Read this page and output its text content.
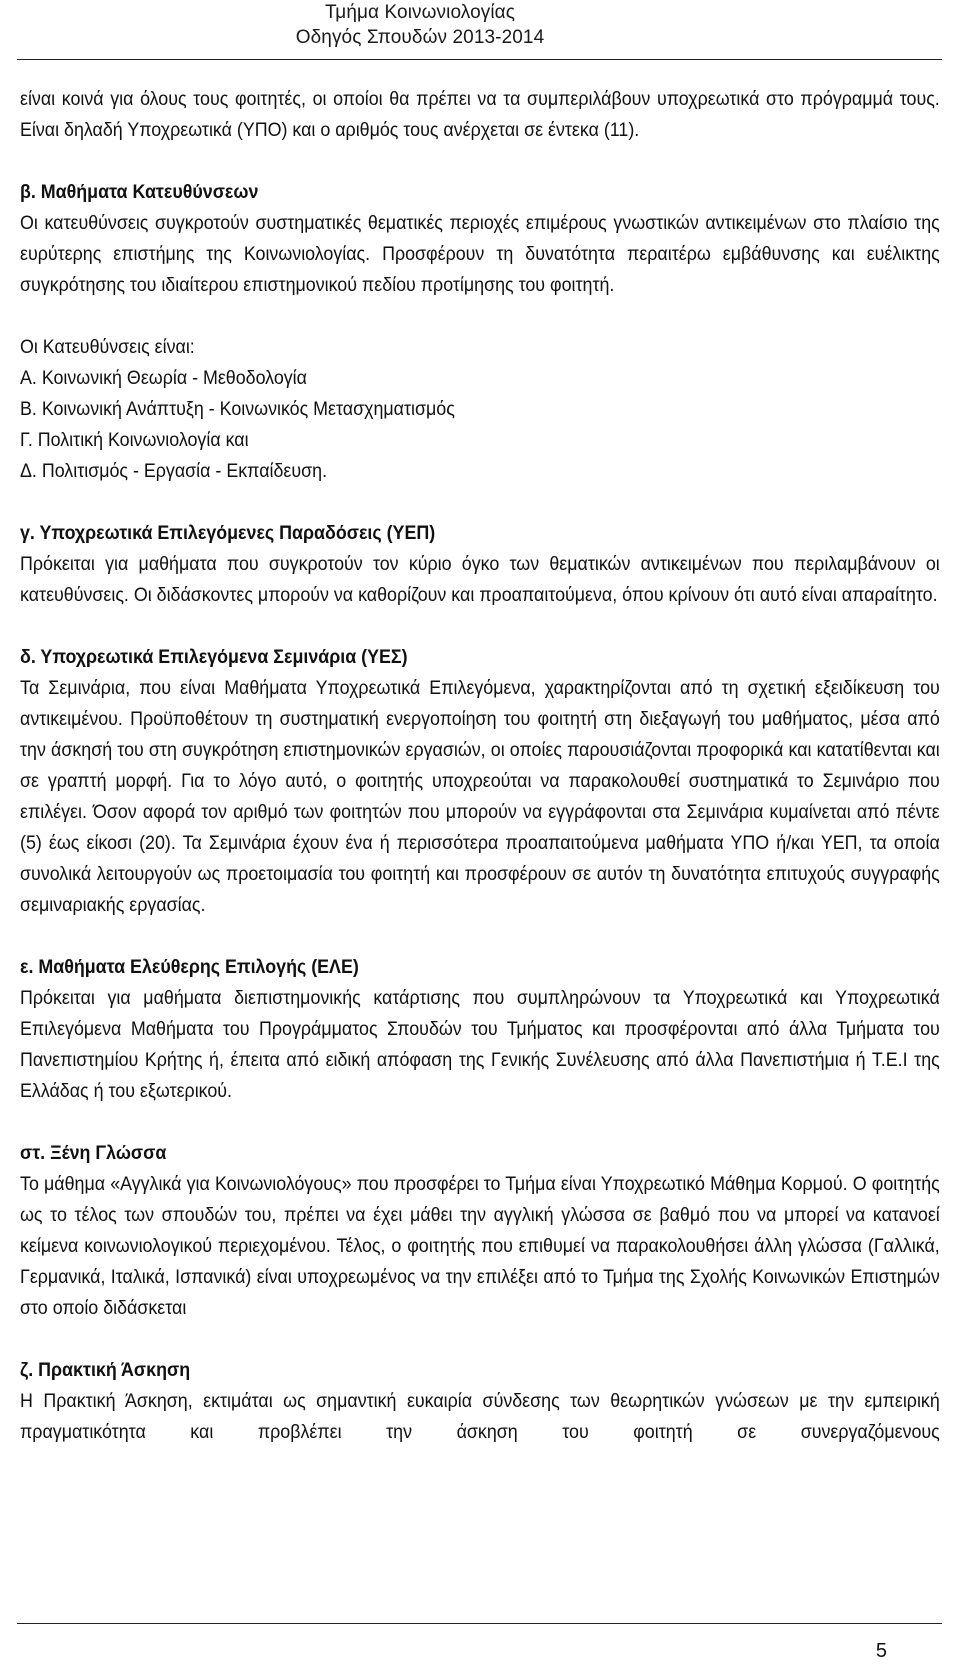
Τμήμα Κοινωνιολογίας
Οδηγός Σπουδών 2013-2014

είναι κοινά για όλους τους φοιτητές, οι οποίοι θα πρέπει να τα συμπεριλάβουν υποχρεωτικά στο πρόγραμμά τους. Είναι δηλαδή Υποχρεωτικά (ΥΠΟ) και ο αριθμός τους ανέρχεται σε έντεκα (11).

β. Μαθήματα Κατευθύνσεων

Οι κατευθύνσεις συγκροτούν συστηματικές θεματικές περιοχές επιμέρους γνωστικών αντικειμένων στο πλαίσιο της ευρύτερης επιστήμης της Κοινωνιολογίας. Προσφέρουν τη δυνατότητα περαιτέρω εμβάθυνσης και ευέλικτης συγκρότησης του ιδιαίτερου επιστημονικού πεδίου προτίμησης του φοιτητή.

Οι Κατευθύνσεις είναι:

Α. Κοινωνική Θεωρία - Μεθοδολογία

Β. Κοινωνική Ανάπτυξη - Κοινωνικός Μετασχηματισμός

Γ. Πολιτική Κοινωνιολογία και

Δ. Πολιτισμός - Εργασία - Εκπαίδευση.

γ. Υποχρεωτικά Επιλεγόμενες Παραδόσεις (ΥΕΠ)

Πρόκειται για μαθήματα που συγκροτούν τον κύριο όγκο των θεματικών αντικειμένων που περιλαμβάνουν οι κατευθύνσεις. Οι διδάσκοντες μπορούν να καθορίζουν και προαπαιτούμενα, όπου κρίνουν ότι αυτό είναι απαραίτητο.

δ. Υποχρεωτικά Επιλεγόμενα Σεμινάρια (ΥΕΣ)

Τα Σεμινάρια, που είναι Μαθήματα Υποχρεωτικά Επιλεγόμενα, χαρακτηρίζονται από τη σχετική εξειδίκευση του αντικειμένου. Προϋποθέτουν τη συστηματική ενεργοποίηση του φοιτητή στη διεξαγωγή του μαθήματος, μέσα από την άσκησή του στη συγκρότηση επιστημονικών εργασιών, οι οποίες παρουσιάζονται προφορικά και κατατίθενται και σε γραπτή μορφή. Για το λόγο αυτό, ο φοιτητής υποχρεούται να παρακολουθεί συστηματικά το Σεμινάριο που επιλέγει. Όσον αφορά τον αριθμό των φοιτητών που μπορούν να εγγράφονται στα Σεμινάρια κυμαίνεται από πέντε (5) έως είκοσι (20). Τα Σεμινάρια έχουν ένα ή περισσότερα προαπαιτούμενα μαθήματα ΥΠΟ ή/και ΥΕΠ, τα οποία συνολικά λειτουργούν ως προετοιμασία του φοιτητή και προσφέρουν σε αυτόν τη δυνατότητα επιτυχούς συγγραφής σεμιναριακής εργασίας.

ε. Μαθήματα Ελεύθερης Επιλογής (ΕΛΕ)

Πρόκειται για μαθήματα διεπιστημονικής κατάρτισης που συμπληρώνουν τα Υποχρεωτικά και Υποχρεωτικά Επιλεγόμενα Μαθήματα του Προγράμματος Σπουδών του Τμήματος και προσφέρονται από άλλα Τμήματα του Πανεπιστημίου Κρήτης ή, έπειτα από ειδική απόφαση της Γενικής Συνέλευσης από άλλα Πανεπιστήμια ή Τ.Ε.Ι της Ελλάδας ή του εξωτερικού.

στ. Ξένη Γλώσσα

Το μάθημα «Αγγλικά για Κοινωνιολόγους» που προσφέρει το Τμήμα είναι Υποχρεωτικό Μάθημα Κορμού. Ο φοιτητής ως το τέλος των σπουδών του, πρέπει να έχει μάθει την αγγλική γλώσσα σε βαθμό που να μπορεί να κατανοεί κείμενα κοινωνιολογικού περιεχομένου. Τέλος, ο φοιτητής που επιθυμεί να παρακολουθήσει άλλη γλώσσα (Γαλλικά, Γερμανικά, Ιταλικά, Ισπανικά) είναι υποχρεωμένος να την επιλέξει από το Τμήμα της Σχολής Κοινωνικών Επιστημών στο οποίο διδάσκεται

ζ. Πρακτική Άσκηση

Η Πρακτική Άσκηση, εκτιμάται ως σημαντική ευκαιρία σύνδεσης των θεωρητικών γνώσεων με την εμπειρική πραγματικότητα και προβλέπει την άσκηση του φοιτητή σε συνεργαζόμενους

5
